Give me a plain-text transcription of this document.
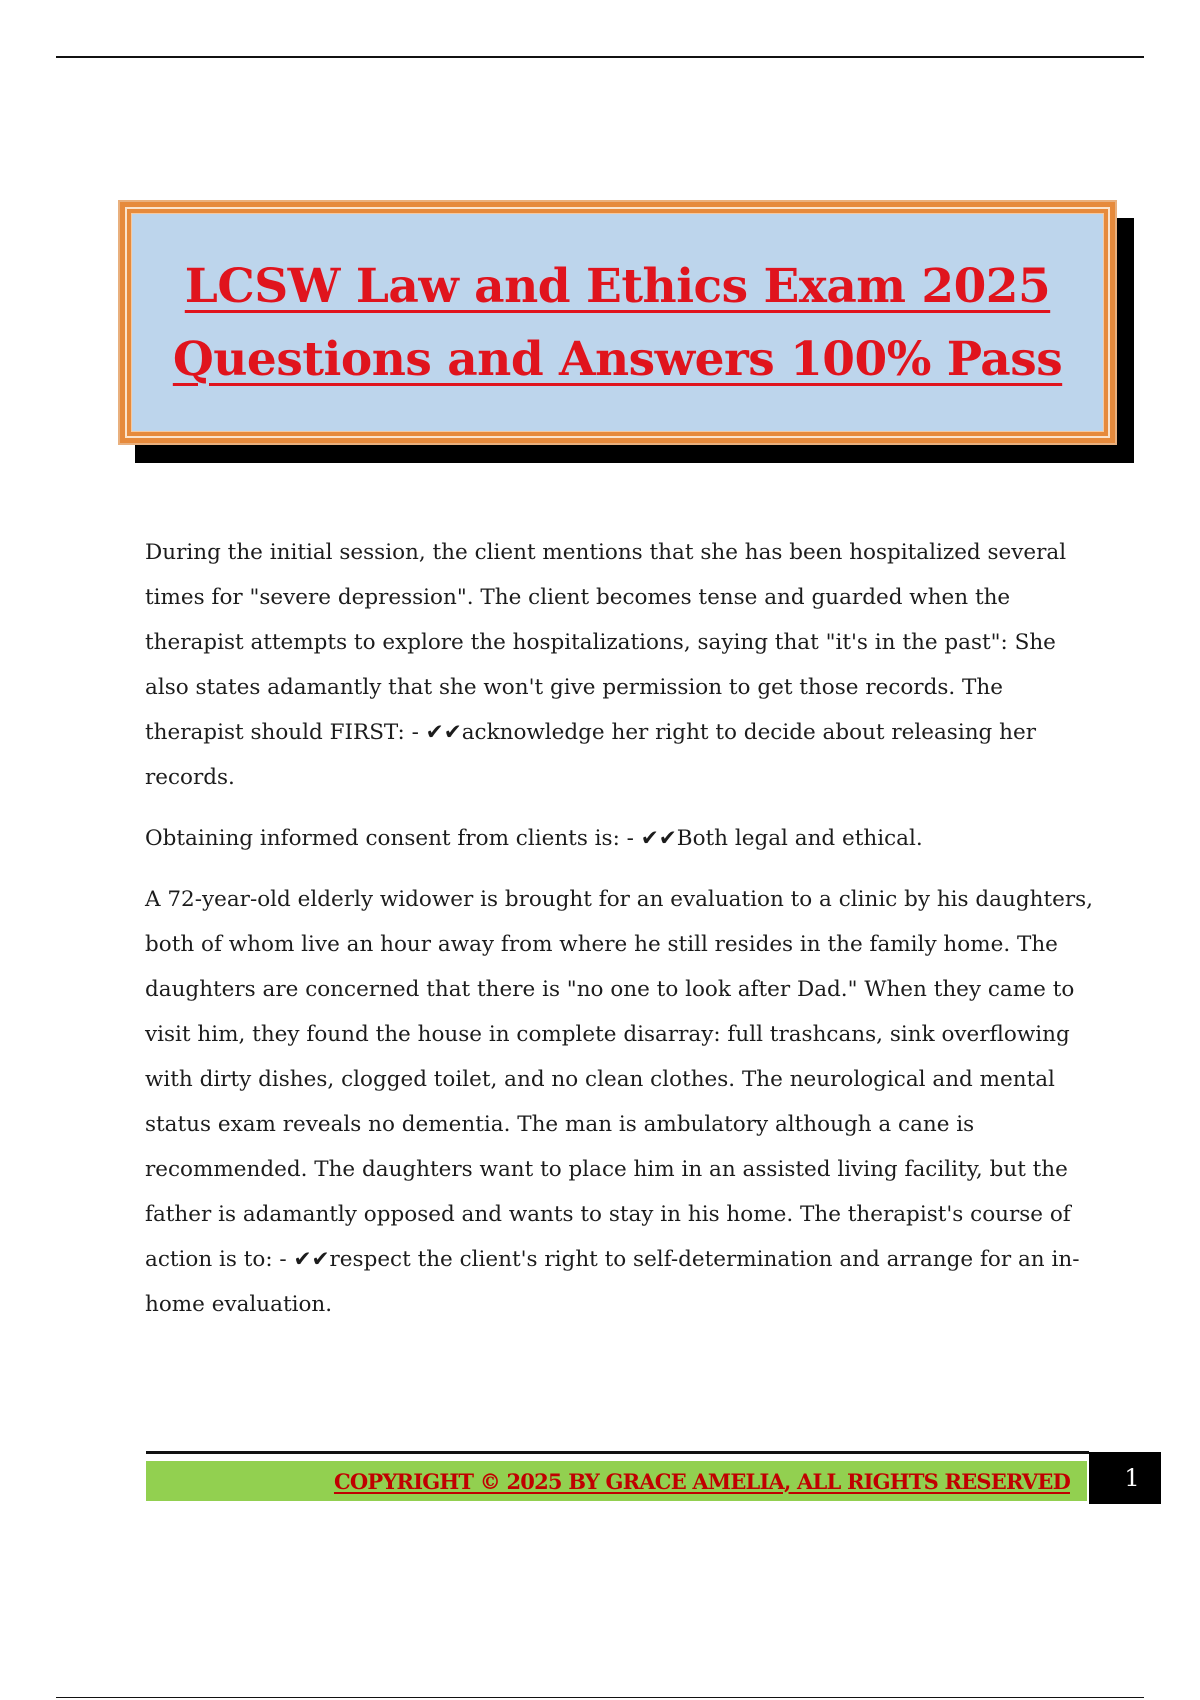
LCSW Law and Ethics Exam 2025
Questions and Answers 100% Pass

During the initial session, the client mentions that she has been hospitalized several times for "severe depression". The client becomes tense and guarded when the therapist attempts to explore the hospitalizations, saying that "it's in the past": She also states adamantly that she won't give permission to get those records. The therapist should FIRST: - ✔✔acknowledge her right to decide about releasing her records.

Obtaining informed consent from clients is: - ✔✔Both legal and ethical.

A 72-year-old elderly widower is brought for an evaluation to a clinic by his daughters, both of whom live an hour away from where he still resides in the family home. The daughters are concerned that there is "no one to look after Dad." When they came to visit him, they found the house in complete disarray: full trashcans, sink overflowing with dirty dishes, clogged toilet, and no clean clothes. The neurological and mental status exam reveals no dementia. The man is ambulatory although a cane is recommended. The daughters want to place him in an assisted living facility, but the father is adamantly opposed and wants to stay in his home. The therapist's course of action is to: - ✔✔respect the client's right to self-determination and arrange for an in-home evaluation.

COPYRIGHT © 2025 BY GRACE AMELIA, ALL RIGHTS RESERVED	1
